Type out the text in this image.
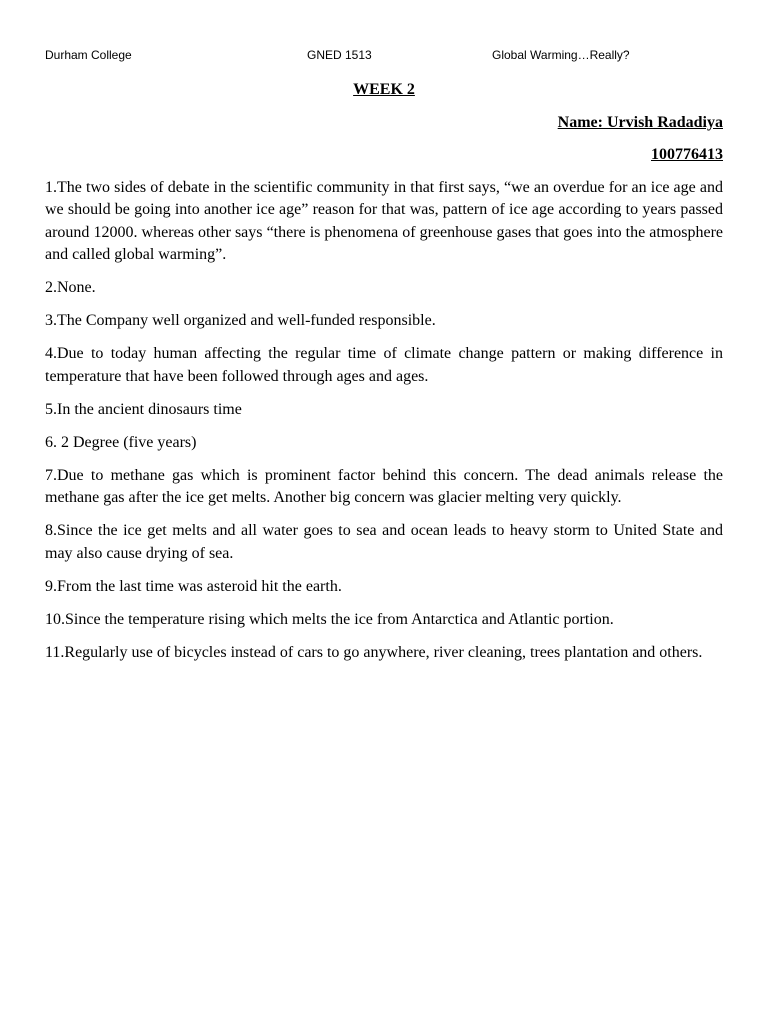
Durham College	GNED 1513	Global Warming…Really?
WEEK 2
Name: Urvish Radadiya
100776413

1.The two sides of debate in the scientific community in that first says, “we an overdue for an ice age and we should be going into another ice age” reason for that was, pattern of ice age according to years passed around 12000. whereas other says “there is phenomena of greenhouse gases that goes into the atmosphere and called global warming”.

2.None.

3.The Company well organized and well-funded responsible.

4.Due to today human affecting the regular time of climate change pattern or making difference in temperature that have been followed through ages and ages.

5.In the ancient dinosaurs time

6. 2 Degree (five years)

7.Due to methane gas which is prominent factor behind this concern. The dead animals release the methane gas after the ice get melts. Another big concern was glacier melting very quickly.

8.Since the ice get melts and all water goes to sea and ocean leads to heavy storm to United State and may also cause drying of sea.

9.From the last time was asteroid hit the earth.

10.Since the temperature rising which melts the ice from Antarctica and Atlantic portion.

11.Regularly use of bicycles instead of cars to go anywhere, river cleaning, trees plantation and others.
